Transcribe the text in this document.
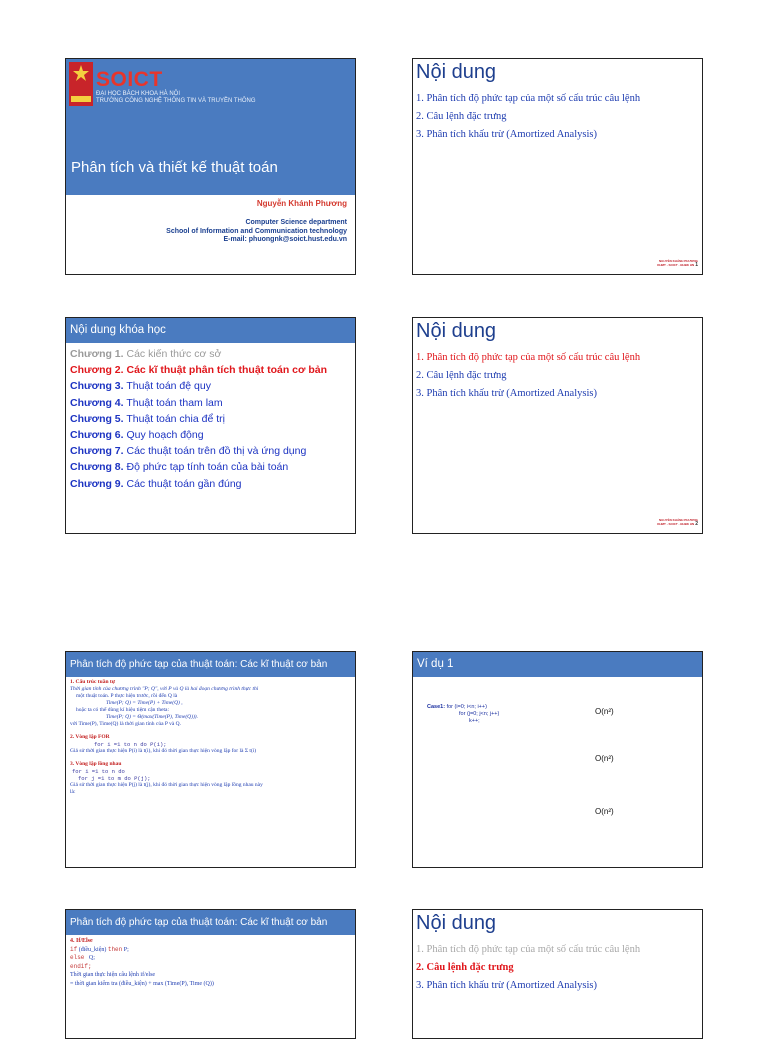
SOICT
ĐẠI HỌC BÁCH KHOA HÀ NỘI
TRƯỜNG CÔNG NGHỆ THÔNG TIN VÀ TRUYỀN THÔNG
Phân tích và thiết kế thuật toán
Nguyễn Khánh Phương
Computer Science department
School of Information and Communication technology
E-mail: phuongnk@soict.hust.edu.vn
Nội dung
1. Phân tích độ phức tạp của một số cấu trúc câu lệnh
2. Câu lệnh đặc trưng
3. Phân tích khấu trừ (Amortized Analysis)
NGUYỄN KHÁNH PHƯƠNG
KHMT - SOICT - ĐHBK HN1
Nội dung khóa học
Chương 1. Các kiến thức cơ sở
Chương 2. Các kĩ thuật phân tích thuật toán cơ bản
Chương 3. Thuật toán đệ quy
Chương 4. Thuật toán tham lam
Chương 5. Thuật toán chia để trị
Chương 6. Quy hoạch động
Chương 7. Các thuật toán trên đồ thị và ứng dụng
Chương 8. Độ phức tạp tính toán của bài toán
Chương 9. Các thuật toán gần đúng
Nội dung
1. Phân tích độ phức tạp của một số cấu trúc câu lệnh
2. Câu lệnh đặc trưng
3. Phân tích khấu trừ (Amortized Analysis)
NGUYỄN KHÁNH PHƯƠNG
KHMT - SOICT - ĐHBK HN2
Phân tích độ phức tạp của thuật toán: Các kĩ thuật cơ bản
1. Cấu trúc tuần tự
Thời gian tính của chương trình "P; Q", với P và Q là hai đoạn chương trình thực thi
một thuật toán. P thực hiện trước, rồi đến Q là
Time(P; Q) = Time(P) + Time(Q) ,
hoặc ta có thể dùng kí hiệu tiệm cận theta:
Time(P; Q) = Θ(max(Time(P), Time(Q))).
với Time(P), Time(Q) là thời gian tính của P và Q.
2. Vòng lặp FOR
for i =1 to n do P(i);
Giả sử thời gian thực hiện P(i) là t(i), khi đó thời gian thực hiện vòng lặp for là Σ t(i)
3. Vòng lặp lồng nhau
for i =1 to n do
for j =1 to m do P(j);
Giả sử thời gian thực hiện P(j) là t(j), khi đó thời gian thực hiện vòng lặp lồng nhau này
là:
Ví dụ 1
Case1: for (i=0; i<n; i++)
for (j=0; j<n; j++)
k++;
O(n²)
O(n²)
O(n²)
Phân tích độ phức tạp của thuật toán: Các kĩ thuật cơ bản
4. If/Else
if (điều_kiện) then P;
else Q;
endif;
Thời gian thực hiện câu lệnh if/else
= thời gian kiểm tra (điều_kiện) + max (Time(P), Time (Q))
Nội dung
1. Phân tích độ phức tạp của một số cấu trúc câu lệnh
2. Câu lệnh đặc trưng
3. Phân tích khấu trừ (Amortized Analysis)
